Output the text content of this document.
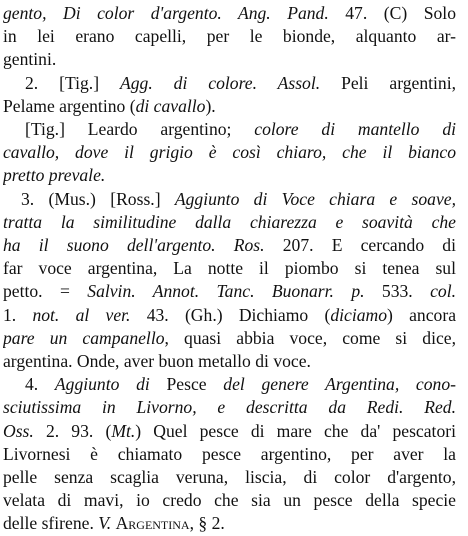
gento, Di color d'argento. Ang. Pand. 47. (C) Solo
in lei erano capelli, per le bionde, alquanto ar-
gentini.

2. [Tig.] Agg. di colore. Assol. Peli argentini,
Pelame argentino (di cavallo).

[Tig.] Leardo argentino; colore di mantello di
cavallo, dove il grigio è così chiaro, che il bianco
pretto prevale.

3. (Mus.) [Ross.] Aggiunto di Voce chiara e soave,
tratta la similitudine dalla chiarezza e soavità che
ha il suono dell'argento. Ros. 207. E cercando di
far voce argentina, La notte il piombo si tenea sul
petto. = Salvin. Annot. Tanc. Buonarr. p. 533. col.
1. not. al ver. 43. (Gh.) Dichiamo (diciamo) ancora
pare un campanello, quasi abbia voce, come si dice,
argentina. Onde, aver buon metallo di voce.

4. Aggiunto di Pesce del genere Argentina, cono-
sciutissima in Livorno, e descritta da Redi. Red.
Oss. 2. 93. (Mt.) Quel pesce di mare che da' pescatori
Livornesi è chiamato pesce argentino, per aver la
pelle senza scaglia veruna, liscia, di color d'argento,
velata di mavi, io credo che sia un pesce della specie
delle sfirene. V. Argentina, § 2.
